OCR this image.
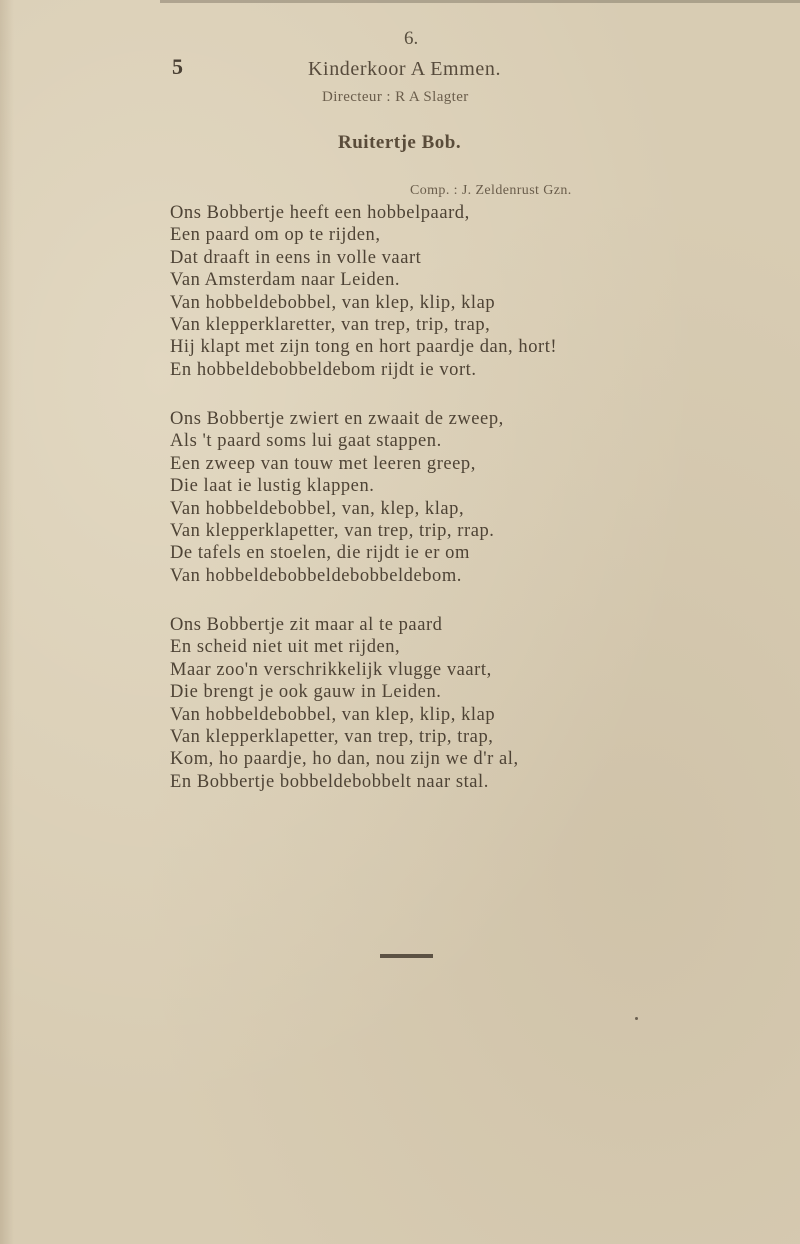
6.
5	Kinderkoor A Emmen.
Directeur : R A Slagter
Ruitertje Bob.
Comp. : J. Zeldenrust Gzn.
Ons Bobbertje heeft een hobbelpaard,
Een paard om op te rijden,
Dat draaft in eens in volle vaart
Van Amsterdam naar Leiden.
Van hobbeldebobbel, van klep, klip, klap
Van klepperklaretter, van trep, trip, trap,
Hij klapt met zijn tong en hort paardje dan, hort!
En hobbeldebobbeldebom rijdt ie vort.
Ons Bobbertje zwiert en zwaait de zweep,
Als 't paard soms lui gaat stappen.
Een zweep van touw met leeren greep,
Die laat ie lustig klappen.
Van hobbeldebobbel, van, klep, klap,
Van klepperklapetter, van trep, trip, rrap.
De tafels en stoelen, die rijdt ie er om
Van hobbeldebobbeldebobbeldebom.
Ons Bobbertje zit maar al te paard
En scheid niet uit met rijden,
Maar zoo'n verschrikkelijk vlugge vaart,
Die brengt je ook gauw in Leiden.
Van hobbeldebobbel, van klep, klip, klap
Van klepperklapetter, van trep, trip, trap,
Kom, ho paardje, ho dan, nou zijn we d'r al,
En Bobbertje bobbeldebobbelt naar stal.
